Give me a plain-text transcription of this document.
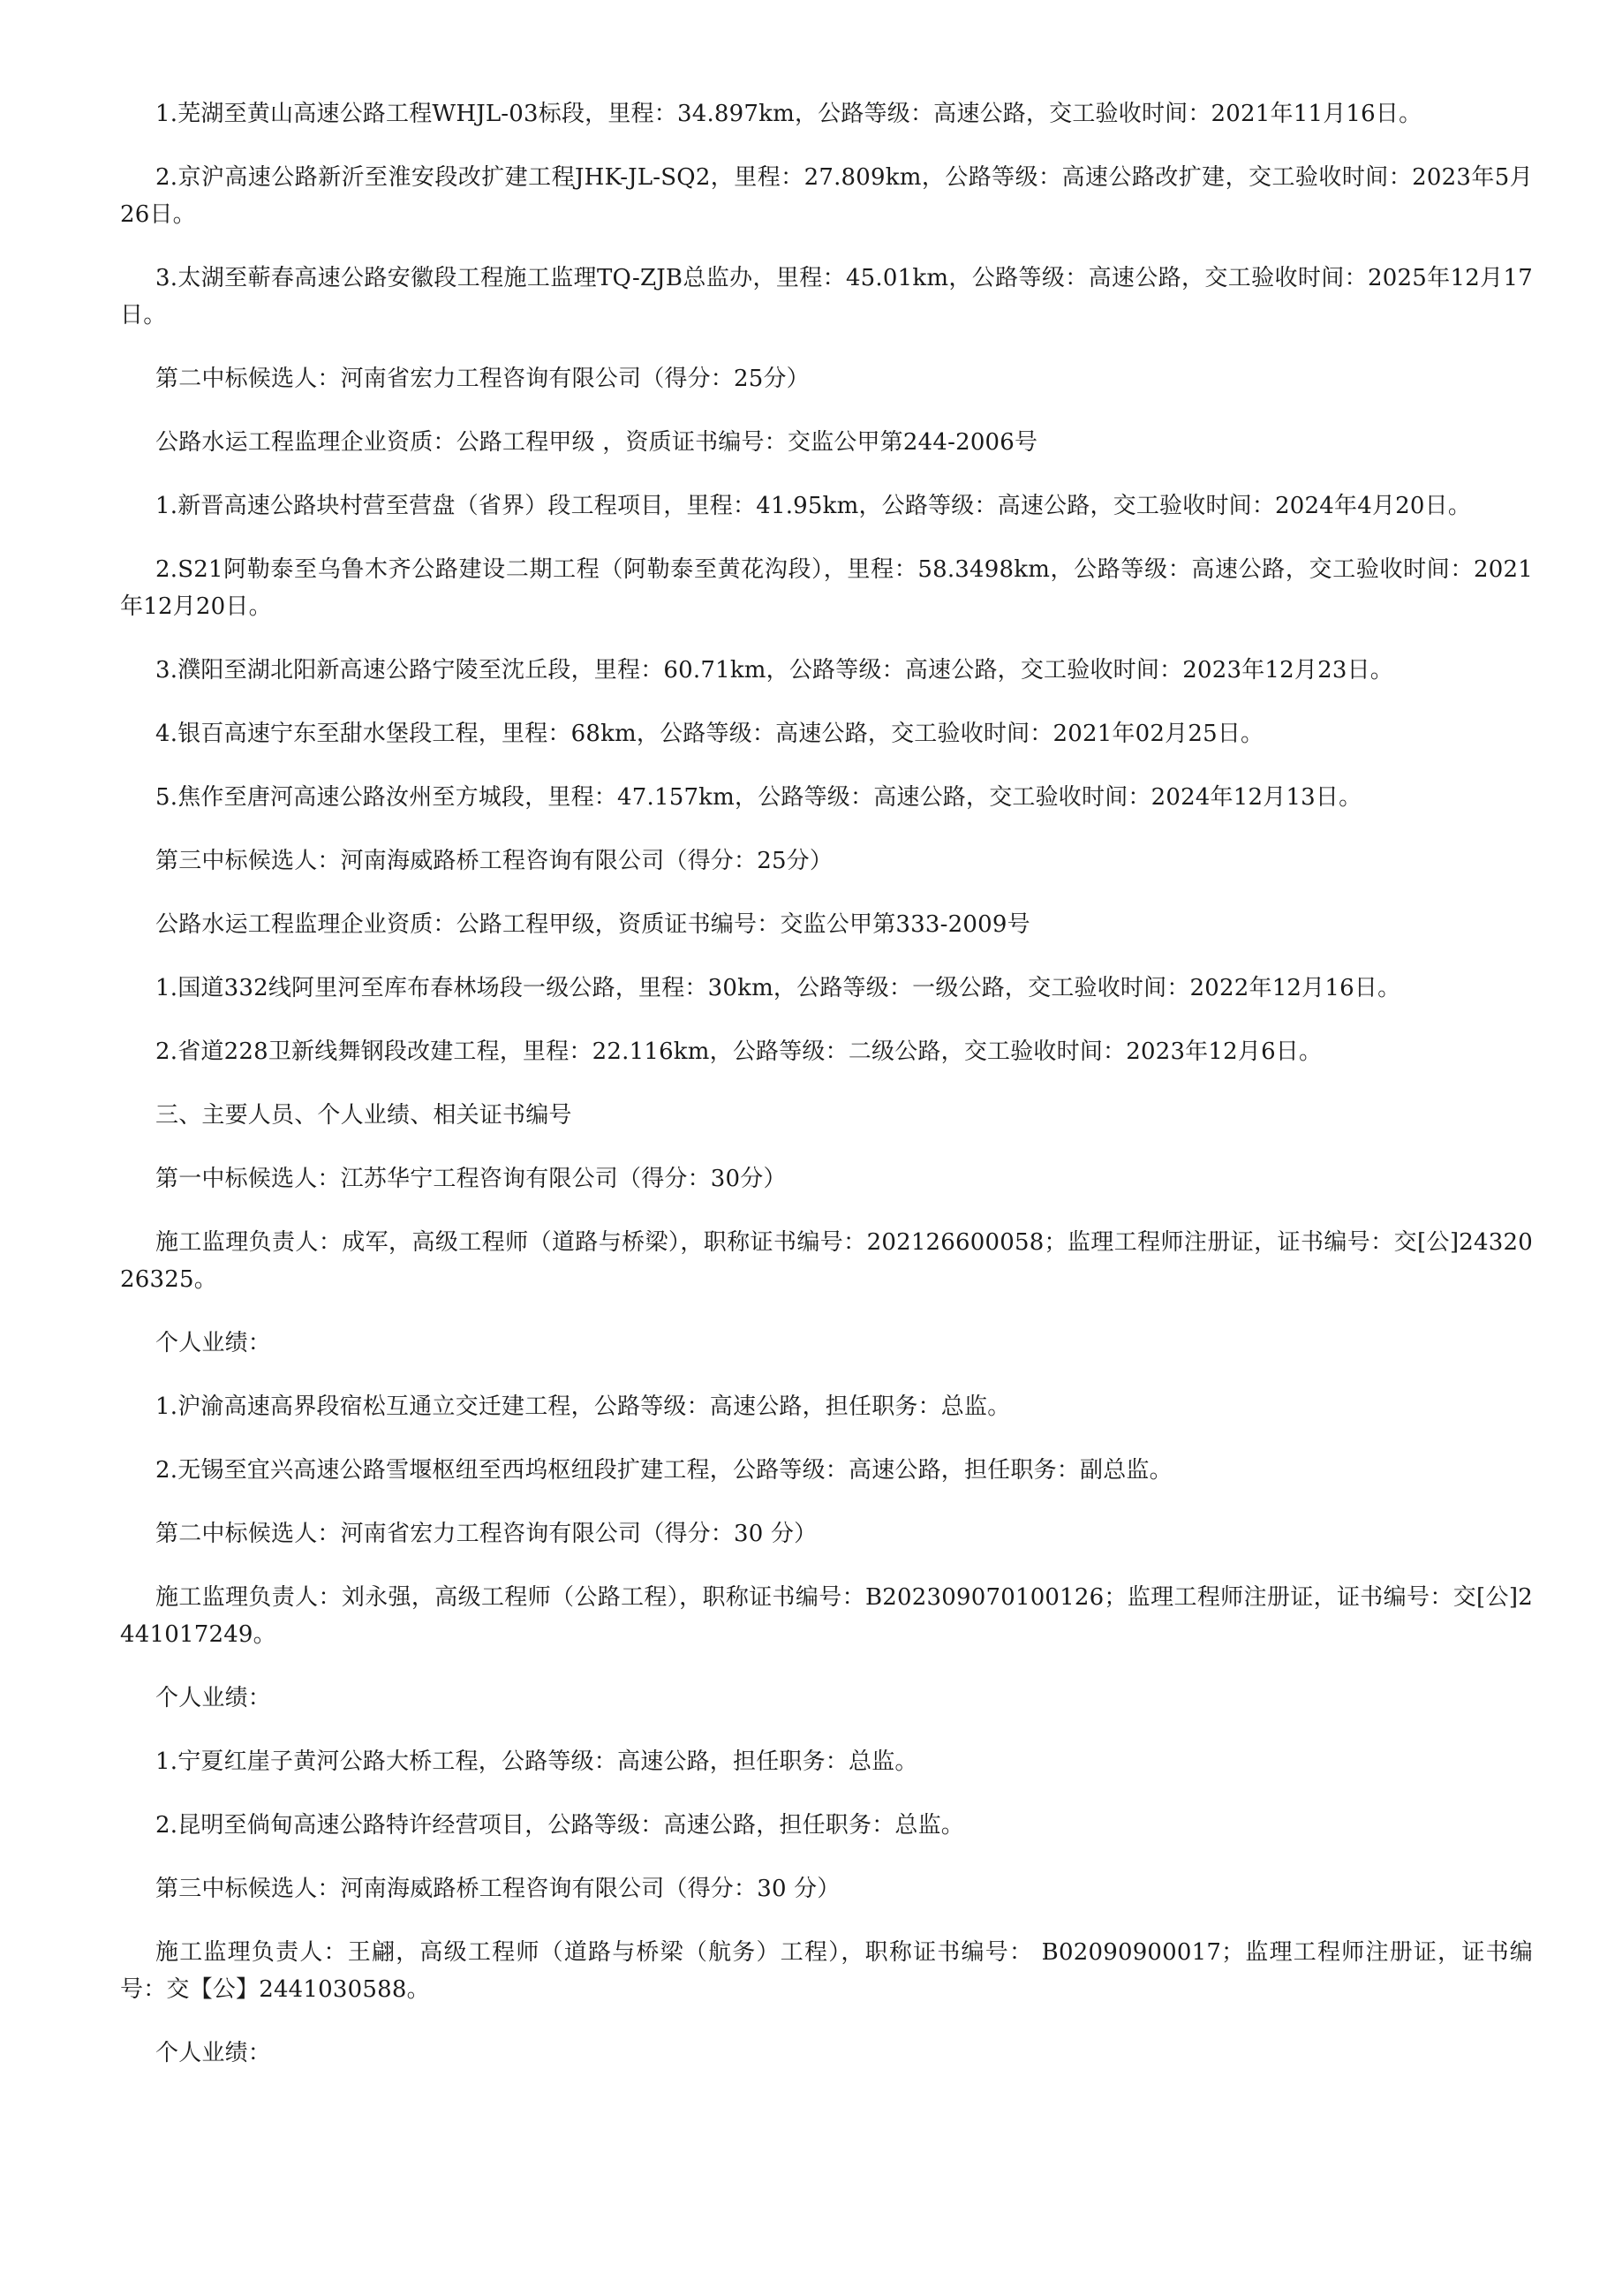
1.芜湖至黄山高速公路工程WHJL-03标段，里程：34.897km，公路等级：高速公路，交工验收时间：2021年11月16日。

2.京沪高速公路新沂至淮安段改扩建工程JHK-JL-SQ2，里程：27.809km，公路等级：高速公路改扩建，交工验收时间：2023年5月26日。

3.太湖至蕲春高速公路安徽段工程施工监理TQ-ZJB总监办，里程：45.01km，公路等级：高速公路，交工验收时间：2025年12月17日。

第二中标候选人：河南省宏力工程咨询有限公司（得分：25分）

公路水运工程监理企业资质：公路工程甲级 ，资质证书编号：交监公甲第244-2006号

1.新晋高速公路块村营至营盘（省界）段工程项目，里程：41.95km，公路等级：高速公路，交工验收时间：2024年4月20日。

2.S21阿勒泰至乌鲁木齐公路建设二期工程（阿勒泰至黄花沟段），里程：58.3498km，公路等级：高速公路，交工验收时间：2021年12月20日。

3.濮阳至湖北阳新高速公路宁陵至沈丘段，里程：60.71km，公路等级：高速公路，交工验收时间：2023年12月23日。

4.银百高速宁东至甜水堡段工程，里程：68km，公路等级：高速公路，交工验收时间：2021年02月25日。

5.焦作至唐河高速公路汝州至方城段，里程：47.157km，公路等级：高速公路，交工验收时间：2024年12月13日。

第三中标候选人：河南海威路桥工程咨询有限公司（得分：25分）

公路水运工程监理企业资质：公路工程甲级，资质证书编号：交监公甲第333-2009号

1.国道332线阿里河至库布春林场段一级公路，里程：30km，公路等级：一级公路，交工验收时间：2022年12月16日。

2.省道228卫新线舞钢段改建工程，里程：22.116km，公路等级：二级公路，交工验收时间：2023年12月6日。

三、主要人员、个人业绩、相关证书编号

第一中标候选人：江苏华宁工程咨询有限公司（得分：30分）

施工监理负责人：成军，高级工程师（道路与桥梁），职称证书编号：202126600058；监理工程师注册证，证书编号：交[公]2432026325。

个人业绩：

1.沪渝高速高界段宿松互通立交迁建工程，公路等级：高速公路，担任职务：总监。

2.无锡至宜兴高速公路雪堰枢纽至西坞枢纽段扩建工程，公路等级：高速公路，担任职务：副总监。

第二中标候选人：河南省宏力工程咨询有限公司（得分：30 分）

施工监理负责人：刘永强，高级工程师（公路工程），职称证书编号：B202309070100126；监理工程师注册证，证书编号：交[公]2441017249。

个人业绩：

1.宁夏红崖子黄河公路大桥工程，公路等级：高速公路，担任职务：总监。

2.昆明至倘甸高速公路特许经营项目，公路等级：高速公路，担任职务：总监。

第三中标候选人：河南海威路桥工程咨询有限公司（得分：30 分）

施工监理负责人：王翩，高级工程师（道路与桥梁（航务）工程），职称证书编号： B02090900017；监理工程师注册证，证书编号：交【公】2441030588。

个人业绩：
